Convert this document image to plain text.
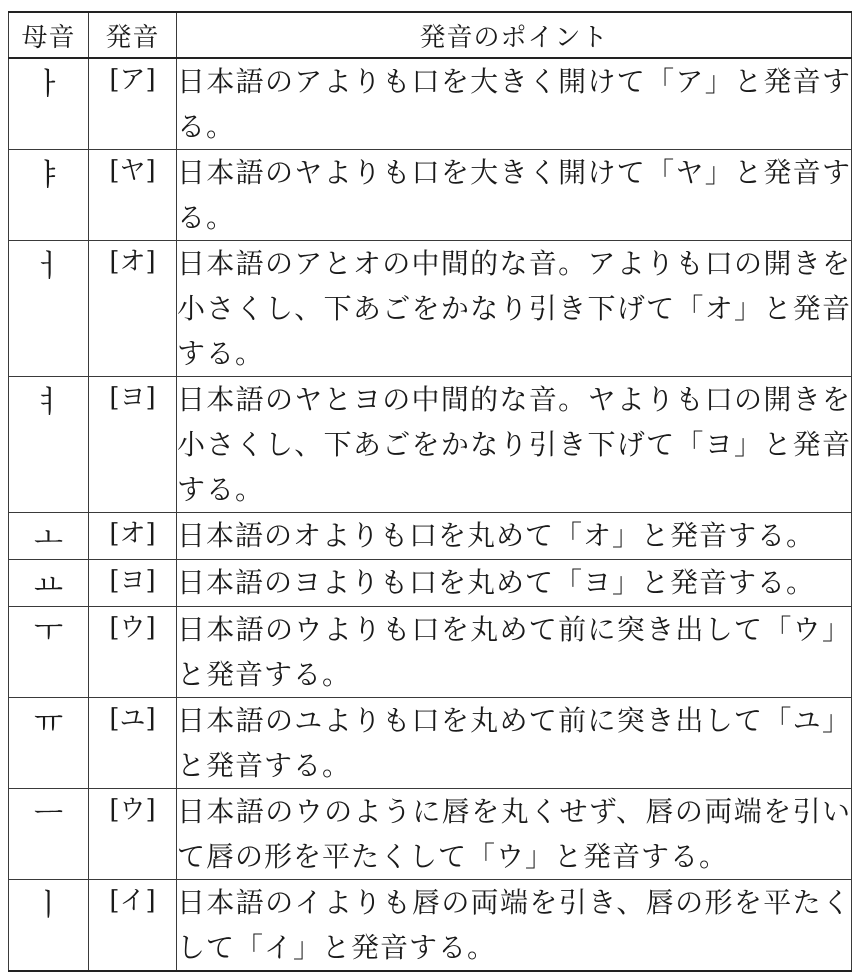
母音	発音	発音のポイント
ㅏ	[ア]	日本語のアよりも口を大きく開けて「ア」と発音する。
ㅑ	[ヤ]	日本語のヤよりも口を大きく開けて「ヤ」と発音する。
ㅓ	[オ]	日本語のアとオの中間的な音。アよりも口の開きを小さくし、下あごをかなり引き下げて「オ」と発音する。
ㅕ	[ヨ]	日本語のヤとヨの中間的な音。ヤよりも口の開きを小さくし、下あごをかなり引き下げて「ヨ」と発音する。
ㅗ	[オ]	日本語のオよりも口を丸めて「オ」と発音する。
ㅛ	[ヨ]	日本語のヨよりも口を丸めて「ヨ」と発音する。
ㅜ	[ウ]	日本語のウよりも口を丸めて前に突き出して「ウ」と発音する。
ㅠ	[ユ]	日本語のユよりも口を丸めて前に突き出して「ユ」と発音する。
ㅡ	[ウ]	日本語のウのように唇を丸くせず、唇の両端を引いて唇の形を平たくして「ウ」と発音する。
ㅣ	[イ]	日本語のイよりも唇の両端を引き、唇の形を平たくして「イ」と発音する。
